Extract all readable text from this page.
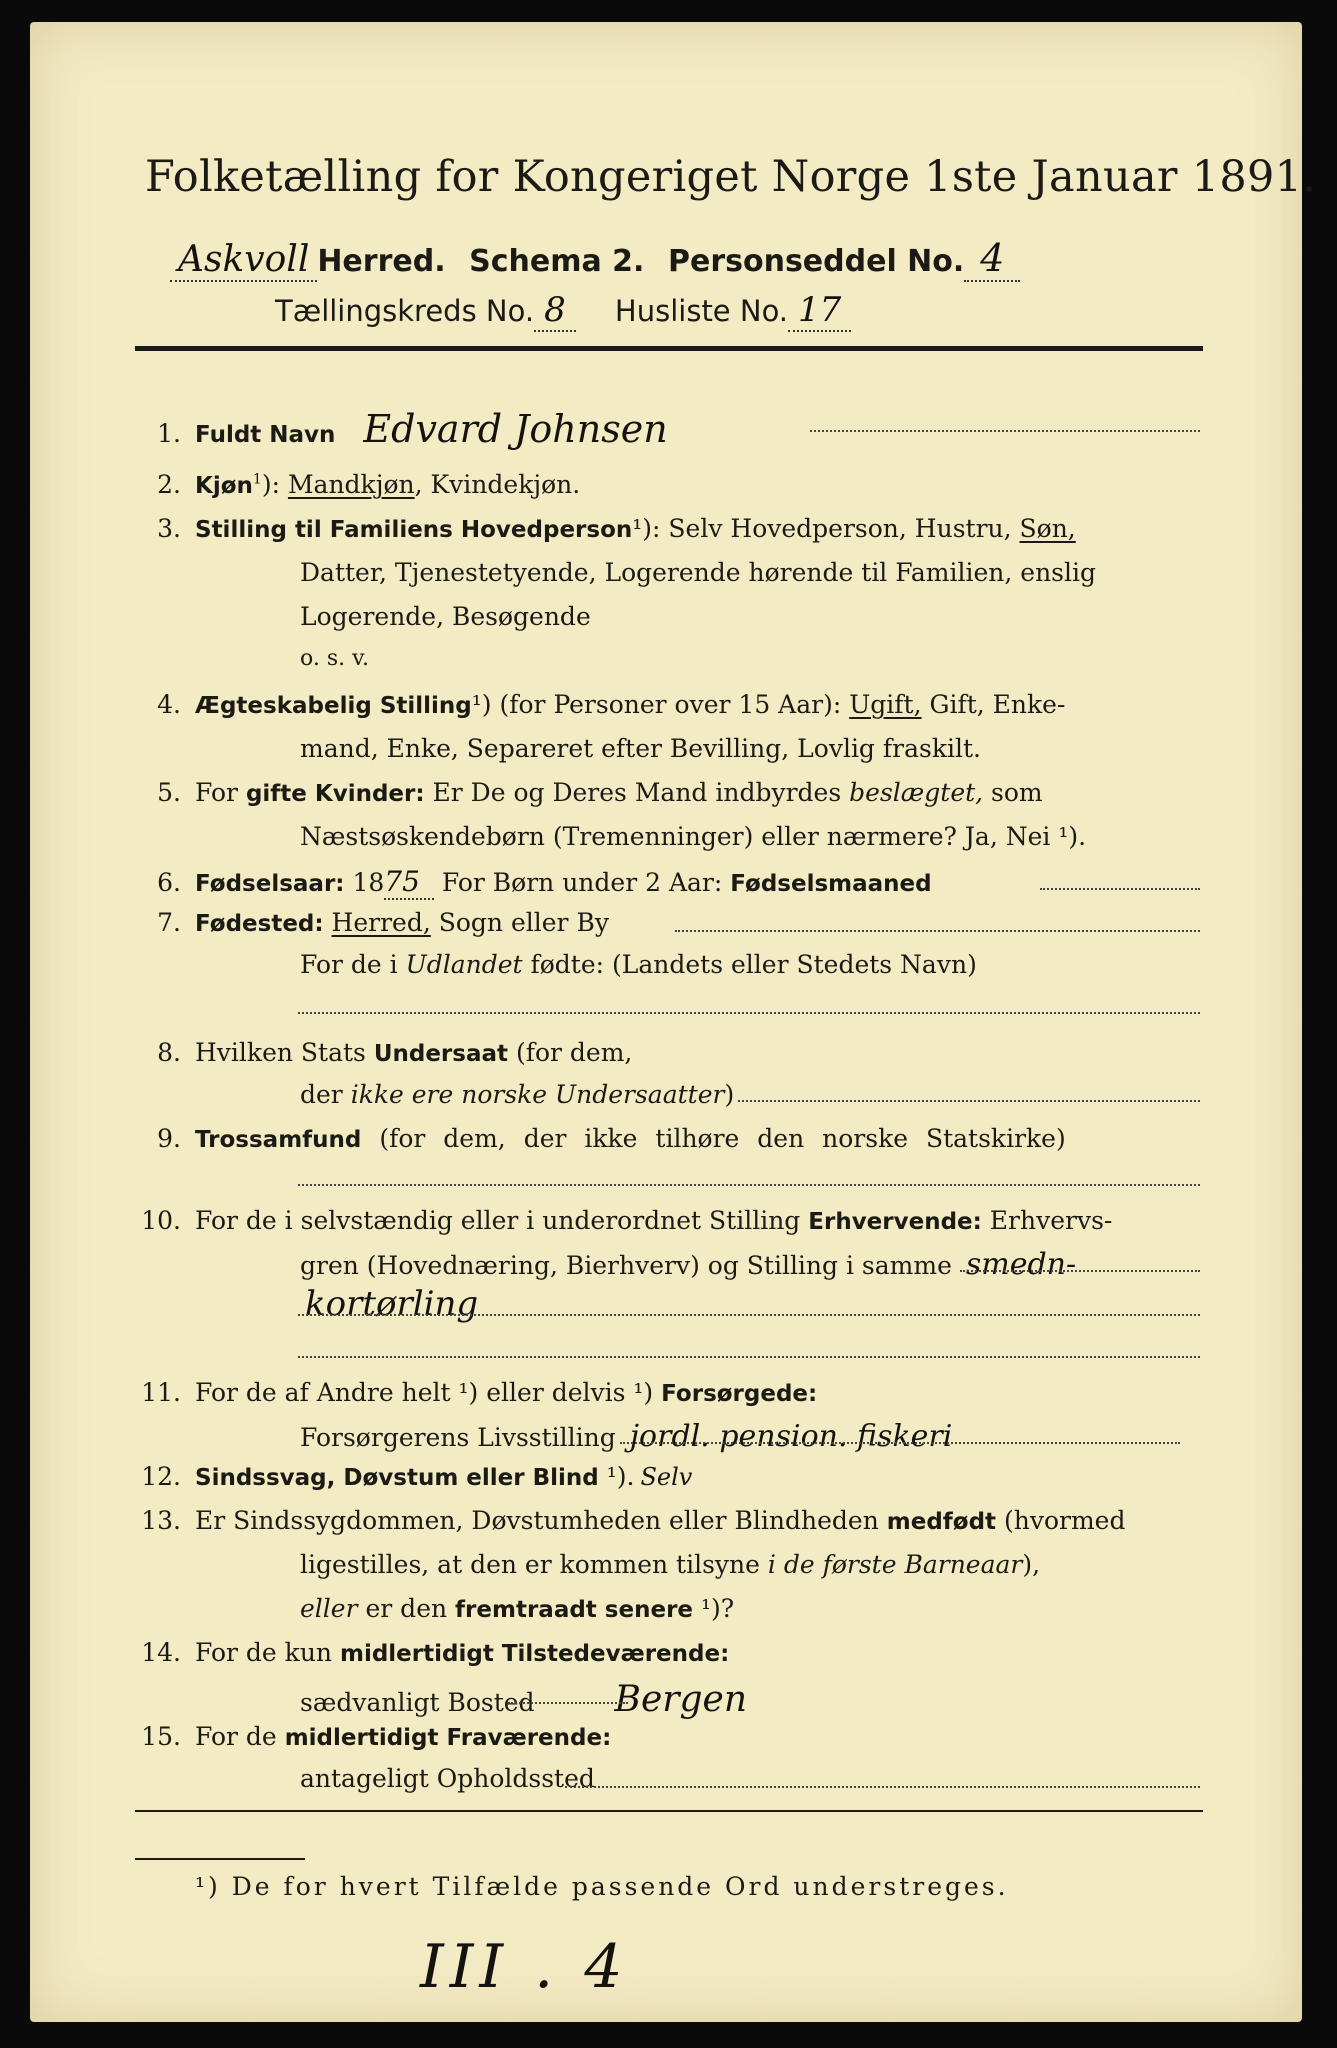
Folketælling for Kongeriget Norge 1ste Januar 1891.
Askvoll Herred. Schema 2. Personseddel No. 4
Tællingskreds No. 8 Husliste No. 17
1. Fuldt Navn Edvard Johnsen
2. Kjøn$^1$): Mandkjøn, Kvindekjøn.
3. Stilling til Familiens Hovedperson¹): Selv Hovedperson, Hustru, Søn,
Datter, Tjenestetyende, Logerende hørende til Familien, enslig
Logerende, Besøgende
o. s. v.
4. Ægteskabelig Stilling¹) (for Personer over 15 Aar): Ugift, Gift, Enke-
mand, Enke, Separeret efter Bevilling, Lovlig fraskilt.
5. For gifte Kvinder: Er De og Deres Mand indbyrdes beslægtet, som
Næstsøskendebørn (Tremenninger) eller nærmere? Ja, Nei ¹).
6. Fødselsaar: 1875 For Børn under 2 Aar: Fødselsmaaned
7. Fødested: Herred, Sogn eller By
For de i Udlandet fødte: (Landets eller Stedets Navn)
8. Hvilken Stats Undersaat (for dem,
der ikke ere norske Undersaatter)
9. Trossamfund (for dem, der ikke tilhøre den norske Statskirke)
10. For de i selvstændig eller i underordnet Stilling Erhvervende: Erhvervs-
gren (Hovednæring, Bierhverv) og Stilling i samme smedn-
kortørling
11. For de af Andre helt ¹) eller delvis ¹) Forsørgede:
Forsørgerens Livsstilling jordl. pension. fiskeri
12. Sindssvag, Døvstum eller Blind ¹). Selv
13. Er Sindssygdommen, Døvstumheden eller Blindheden medfødt (hvormed
ligestilles, at den er kommen tilsyne i de første Barneaar),
eller er den fremtraadt senere ¹)?
14. For de kun midlertidigt Tilstedeværende:
sædvanligt Bosted Bergen
15. For de midlertidigt Fraværende:
antageligt Opholdssted
¹) De for hvert Tilfælde passende Ord understreges.
III . 4
